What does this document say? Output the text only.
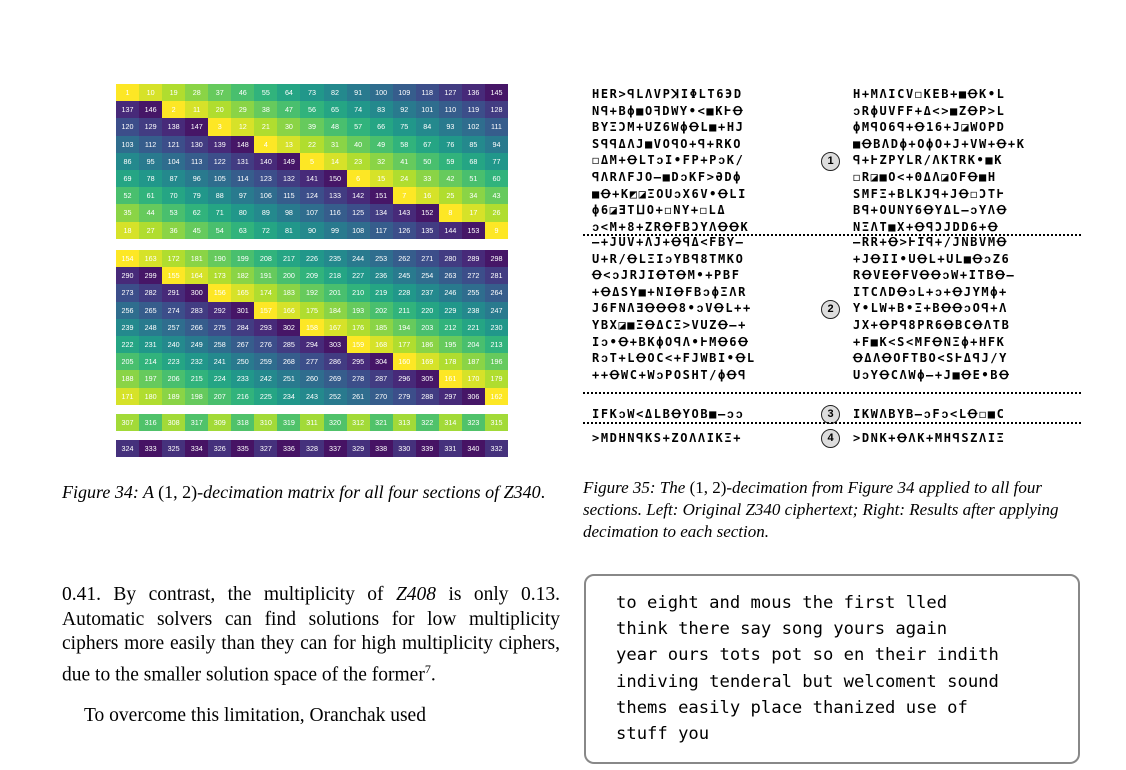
1	10	19	28	37	46	55	64	73	82	91	100	109	118	127	136	145
137	146	2	11	20	29	38	47	56	65	74	83	92	101	110	119	128
120	129	138	147	3	12	21	30	39	48	57	66	75	84	93	102	111
103	112	121	130	139	148	4	13	22	31	40	49	58	67	76	85	94
86	95	104	113	122	131	140	149	5	14	23	32	41	50	59	68	77
69	78	87	96	105	114	123	132	141	150	6	15	24	33	42	51	60
52	61	70	79	88	97	106	115	124	133	142	151	7	16	25	34	43
35	44	53	62	71	80	89	98	107	116	125	134	143	152	8	17	26
18	27	36	45	54	63	72	81	90	99	108	117	126	135	144	153	9
154	163	172	181	190	199	208	217	226	235	244	253	262	271	280	289	298
290	299	155	164	173	182	191	200	209	218	227	236	245	254	263	272	281
273	282	291	300	156	165	174	183	192	201	210	219	228	237	246	255	264
256	265	274	283	292	301	157	166	175	184	193	202	211	220	229	238	247
239	248	257	266	275	284	293	302	158	167	176	185	194	203	212	221	230
222	231	240	249	258	267	276	285	294	303	159	168	177	186	195	204	213
205	214	223	232	241	250	259	268	277	286	295	304	160	169	178	187	196
188	197	206	215	224	233	242	251	260	269	278	287	296	305	161	170	179
171	180	189	198	207	216	225	234	243	252	261	270	279	288	297	306	162
307	316	308	317	309	318	310	319	311	320	312	321	313	322	314	323	315
324	333	325	334	326	335	327	336	328	337	329	338	330	339	331	340	332
Figure 34: A (1, 2)-decimation matrix for all four sections of Z340.

0.41. By contrast, the multiplicity of Z408 is only 0.13. Automatic solvers can find solutions for low multiplicity ciphers more easily than they can for high multiplicity ciphers, due to the smaller solution space of the former$^7$.

To overcome this limitation, Oranchak used

HER>ꟼLΛVPꓘIΦLT6ЭD
Nꟼ+Bϕ■OꟻDWY•<■KⱵꝊ
BYΞƆM+UZ6WϕꝊL■+HJ
SꟼꟼΔΛJ■VOꟼO+ꟼ+RKO
◻ΔM+ꝊLTↄI•FP+PↄK/
ꟼΛRΛFJO–■DↄKF>ӘDϕ
■Ꝋ+K◩◪ΞOUↄX6V•ꝊLI
ϕ6◪ƎTⵡO+◻NY+◻LΔ
ↄ<M+8+ZRꝊFBƆYΛꝊꝊK
1
H+MΛICV◻KEB+■ꝊK•L
ↄRϕUVFF+Δ<>■ZꝊP>L
ϕMꟼO6ꟼ+Ꝋ16+J◪WOPD
■ꝊBΛDϕ+OϕO+J+VW+Ꝋ+K
ꟼ+ⱵZPYLR/ΛKTRK•■K
◻R◪■O<+ΘΔΛ◪OFꝊ■H
SMFΞ+BLKJꟼ+JꝊ◻ƆTⱵ
Bꟼ+OUNY6ꝊYΔL–ↄYΛꝊ
NΞΛT■X+ꝊꟼƆJDD6+Ꝋ
–+JUV+ΛJ+ꝊꟼΔ<FBY–
U+R/ꝊLΞIↄYBꟼ8TMKO
Ꝋ<ↄJRJIꝊTꝊM•+PBF
+ꝊΔSY■+NIꝊFBↄϕΞΛR
J6FNΛƎꝊꝊꝊ8•ↄVꝊL++
YBX◪■ΞꝊΔCΞ>VUZꝊ–+
Iↄ•Ꝋ+BKϕOꟼΛ•ⱵMꝊ6Ꝋ
RↄT+LꝊOC<+FJWBI•ꝊL
++ꝊWC+WↄPOSHT/ϕꝊꟼ
2
–RR+Ꝋ>ⱵIꟼ+/JNBVMꝊ
+JꝊII•UꝊL+UL■ꝊↄZ6
RꝊVEꝊFVꝊꝊↄW+ITBꝊ–
ITCΛDꝊↄL+ↄ+ꝊJYMϕ+
Y•LW+B•Ξ+BꝊꝊↄOꟼ+Λ
JX+ꝊPꟼ8PR6ꝊBCꝊΛTB
+F■K<S<MFꝊNΞϕ+HFK
ꝊΔΛꝊOFTBO<SⱵΔꟼJ/Y
UↄYꝊCΛWϕ–+J■ꝊE•BꝊ
IFKↄW<ΔLBꝊYOB■–ↄↄ	3	IKWΛBYB–ↄFↄ<LꝊ◻■C
>MDHNꟼKS+ZOΛΛIKΞ+	4	>DNK+ꝊΛK+MHꟼSZΛIΞ
Figure 35: The (1, 2)-decimation from Figure 34 applied to all four sections. Left: Original Z340 ciphertext; Right: Results after applying decimation to each section.
to eight and mous the first lled
think there say song yours again
year ours tots pot so en their indith
indiving tenderal but welcoment sound
thems easily place thanized use of
stuff you
